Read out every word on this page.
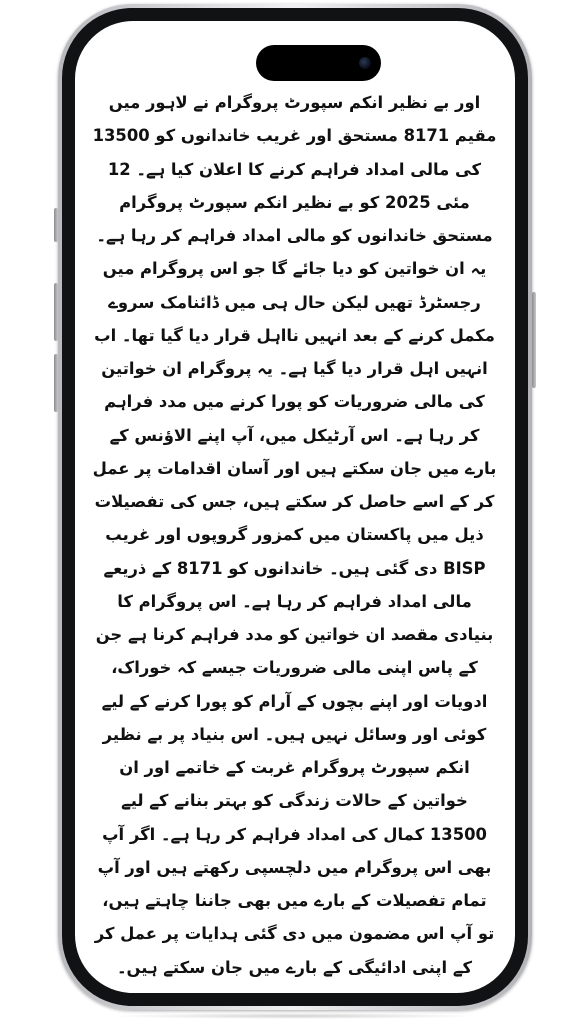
اور بے نظیر انکم سپورٹ پروگرام نے لاہور میں مقیم 8171 مستحق اور غریب خاندانوں کو 13500 کی مالی امداد فراہم کرنے کا اعلان کیا ہے۔ 12 مئی 2025 کو بے نظیر انکم سپورٹ پروگرام مستحق خاندانوں کو مالی امداد فراہم کر رہا ہے۔ یہ ان خواتین کو دیا جائے گا جو اس پروگرام میں رجسٹرڈ تھیں لیکن حال ہی میں ڈائنامک سروے مکمل کرنے کے بعد انہیں نااہل قرار دیا گیا تھا۔ اب انہیں اہل قرار دیا گیا ہے۔ یہ پروگرام ان خواتین کی مالی ضروریات کو پورا کرنے میں مدد فراہم کر رہا ہے۔ اس آرٹیکل میں، آپ اپنے الاؤنس کے بارے میں جان سکتے ہیں اور آسان اقدامات پر عمل کر کے اسے حاصل کر سکتے ہیں، جس کی تفصیلات ذیل میں پاکستان میں کمزور گروپوں اور غریب BISP دی گئی ہیں۔ خاندانوں کو 8171 کے ذریعے مالی امداد فراہم کر رہا ہے۔ اس پروگرام کا بنیادی مقصد ان خواتین کو مدد فراہم کرنا ہے جن کے پاس اپنی مالی ضروریات جیسے کہ خوراک، ادویات اور اپنے بچوں کے آرام کو پورا کرنے کے لیے کوئی اور وسائل نہیں ہیں۔ اس بنیاد پر بے نظیر انکم سپورٹ پروگرام غربت کے خاتمے اور ان خواتین کے حالات زندگی کو بہتر بنانے کے لیے 13500 کمال کی امداد فراہم کر رہا ہے۔ اگر آپ بھی اس پروگرام میں دلچسپی رکھتے ہیں اور آپ تمام تفصیلات کے بارے میں بھی جاننا چاہتے ہیں، تو آپ اس مضمون میں دی گئی ہدایات پر عمل کر کے اپنی ادائیگی کے بارے میں جان سکتے ہیں۔
